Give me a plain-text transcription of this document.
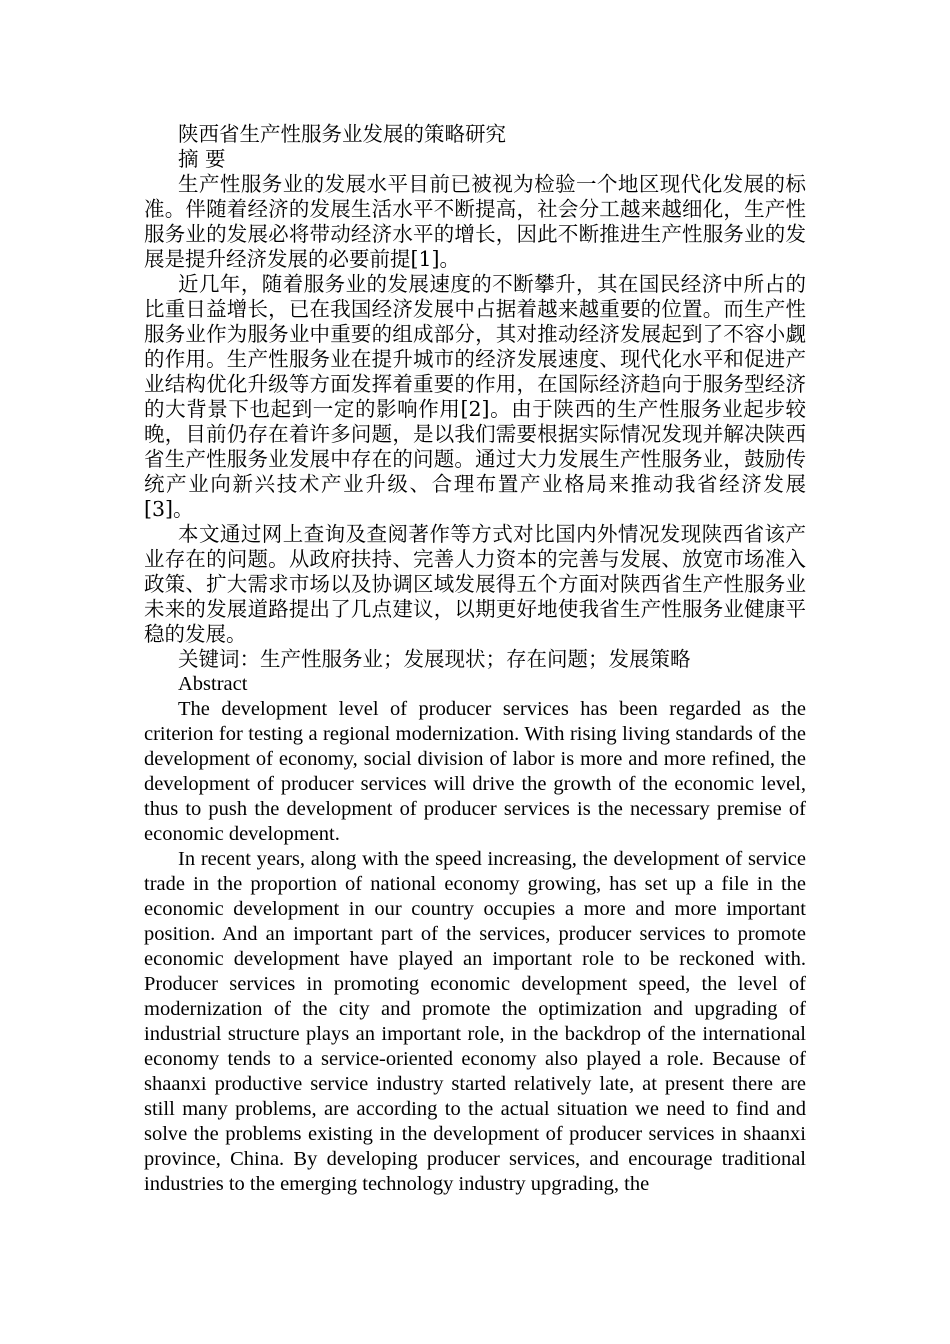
陕西省生产性服务业发展的策略研究
摘 要

生产性服务业的发展水平目前已被视为检验一个地区现代化发展的标准。伴随着经济的发展生活水平不断提高，社会分工越来越细化，生产性服务业的发展必将带动经济水平的增长，因此不断推进生产性服务业的发展是提升经济发展的必要前提[1]。

近几年，随着服务业的发展速度的不断攀升，其在国民经济中所占的比重日益增长，已在我国经济发展中占据着越来越重要的位置。而生产性服务业作为服务业中重要的组成部分，其对推动经济发展起到了不容小觑的作用。生产性服务业在提升城市的经济发展速度、现代化水平和促进产业结构优化升级等方面发挥着重要的作用，在国际经济趋向于服务型经济的大背景下也起到一定的影响作用[2]。由于陕西的生产性服务业起步较晚，目前仍存在着许多问题，是以我们需要根据实际情况发现并解决陕西省生产性服务业发展中存在的问题。通过大力发展生产性服务业，鼓励传统产业向新兴技术产业升级、合理布置产业格局来推动我省经济发展[3]。

本文通过网上查询及查阅著作等方式对比国内外情况发现陕西省该产业存在的问题。从政府扶持、完善人力资本的完善与发展、放宽市场准入政策、扩大需求市场以及协调区域发展得五个方面对陕西省生产性服务业未来的发展道路提出了几点建议，以期更好地使我省生产性服务业健康平稳的发展。

关键词：生产性服务业；发展现状；存在问题；发展策略
Abstract

The development level of producer services has been regarded as the criterion for testing a regional modernization. With rising living standards of the development of economy, social division of labor is more and more refined, the development of producer services will drive the growth of the economic level, thus to push the development of producer services is the necessary premise of economic development.

In recent years, along with the speed increasing, the development of service trade in the proportion of national economy growing, has set up a file in the economic development in our country occupies a more and more important position. And an important part of the services, producer services to promote economic development have played an important role to be reckoned with. Producer services in promoting economic development speed, the level of modernization of the city and promote the optimization and upgrading of industrial structure plays an important role, in the backdrop of the international economy tends to a service-oriented economy also played a role. Because of shaanxi productive service industry started relatively late, at present there are still many problems, are according to the actual situation we need to find and solve the problems existing in the development of producer services in shaanxi province, China. By developing producer services, and encourage traditional industries to the emerging technology industry upgrading, the
